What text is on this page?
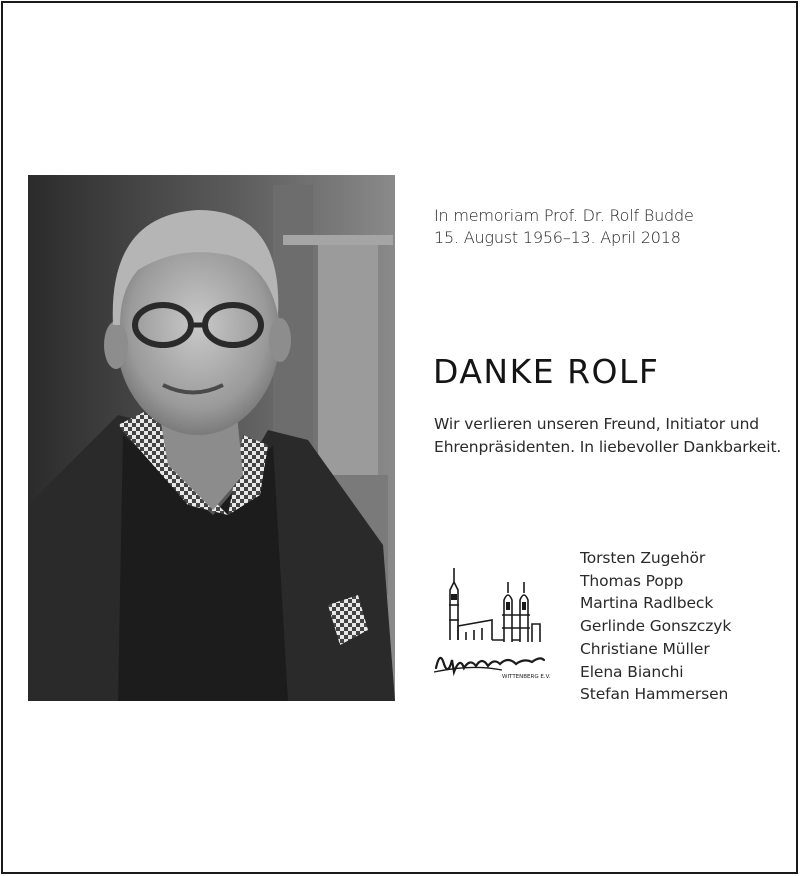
In memoriam Prof. Dr. Rolf Budde
15. August 1956–13. April 2018
DANKE ROLF
Wir verlieren unseren Freund, Initiator und
Ehrenpräsidenten. In liebevoller Dankbarkeit.
WITTENBERG E.V.
Torsten Zugehör
Thomas Popp
Martina Radlbeck
Gerlinde Gonszczyk
Christiane Müller
Elena Bianchi
Stefan Hammersen
